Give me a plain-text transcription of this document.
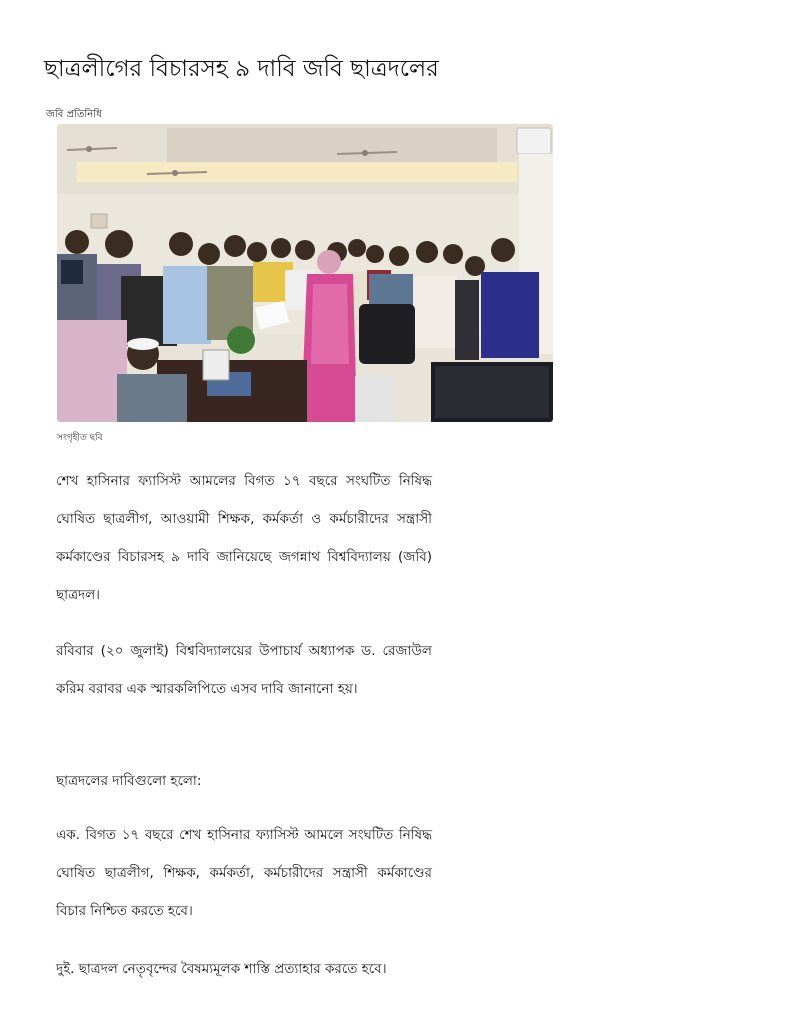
ছাত্রলীগের বিচারসহ ৯ দাবি জবি ছাত্রদলের
জবি প্রতিনিধি
সংগৃহীত ছবি

শেখ হাসিনার ফ্যাসিস্ট আমলের বিগত ১৭ বছরে সংঘটিত নিষিদ্ধ ঘোষিত ছাত্রলীগ, আওয়ামী শিক্ষক, কর্মকর্তা ও কর্মচারীদের সন্ত্রাসী কর্মকাণ্ডের বিচারসহ ৯ দাবি জানিয়েছে জগন্নাথ বিশ্ববিদ্যালয় (জবি) ছাত্রদল।

রবিবার (২০ জুলাই) বিশ্ববিদ্যালয়ের উপাচার্য অধ্যাপক ড. রেজাউল করিম বরাবর এক স্মারকলিপিতে এসব দাবি জানানো হয়।

ছাত্রদলের দাবিগুলো হলো:

এক. বিগত ১৭ বছরে শেখ হাসিনার ফ্যাসিস্ট আমলে সংঘটিত নিষিদ্ধ ঘোষিত ছাত্রলীগ, শিক্ষক, কর্মকর্তা, কর্মচারীদের সন্ত্রাসী কর্মকাণ্ডের বিচার নিশ্চিত করতে হবে।

দুই. ছাত্রদল নেতৃবৃন্দের বৈষম্যমূলক শাস্তি প্রত্যাহার করতে হবে।
